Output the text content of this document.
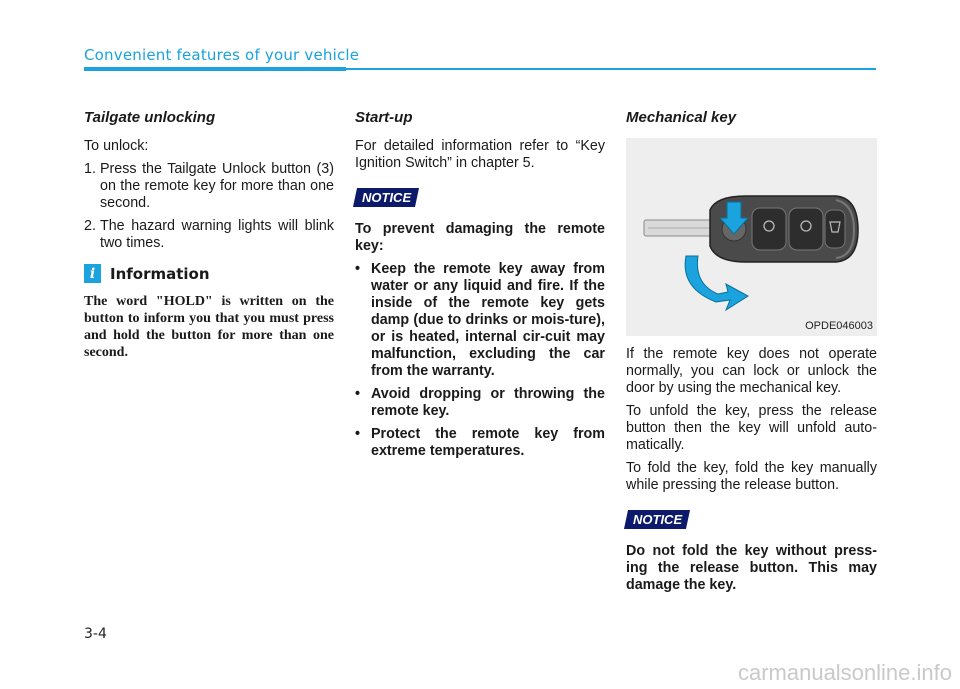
Convenient features of your vehicle
Tailgate unlocking

To unlock:

1. Press the Tailgate Unlock button (3) on the remote key for more than one second.
2. The hazard warning lights will blink two times.
i Information

The word "HOLD" is written on the button to inform you that you must press and hold the button for more than one second.

Start-up

For detailed information refer to “Key Ignition Switch” in chapter 5.

NOTICE

To prevent damaging the remote key:

• Keep the remote key away from water or any liquid and fire. If the inside of the remote key gets damp (due to drinks or mois-ture), or is heated, internal cir-cuit may malfunction, excluding the car from the warranty.
• Avoid dropping or throwing the remote key.
• Protect the remote key from extreme temperatures.
Mechanical key
OPDE046003

If the remote key does not operate normally, you can lock or unlock the door by using the mechanical key.

To unfold the key, press the release button then the key will unfold auto-matically.

To fold the key, fold the key manually while pressing the release button.

NOTICE

Do not fold the key without press-ing the release button. This may damage the key.

3-4
carmanualsonline.info
